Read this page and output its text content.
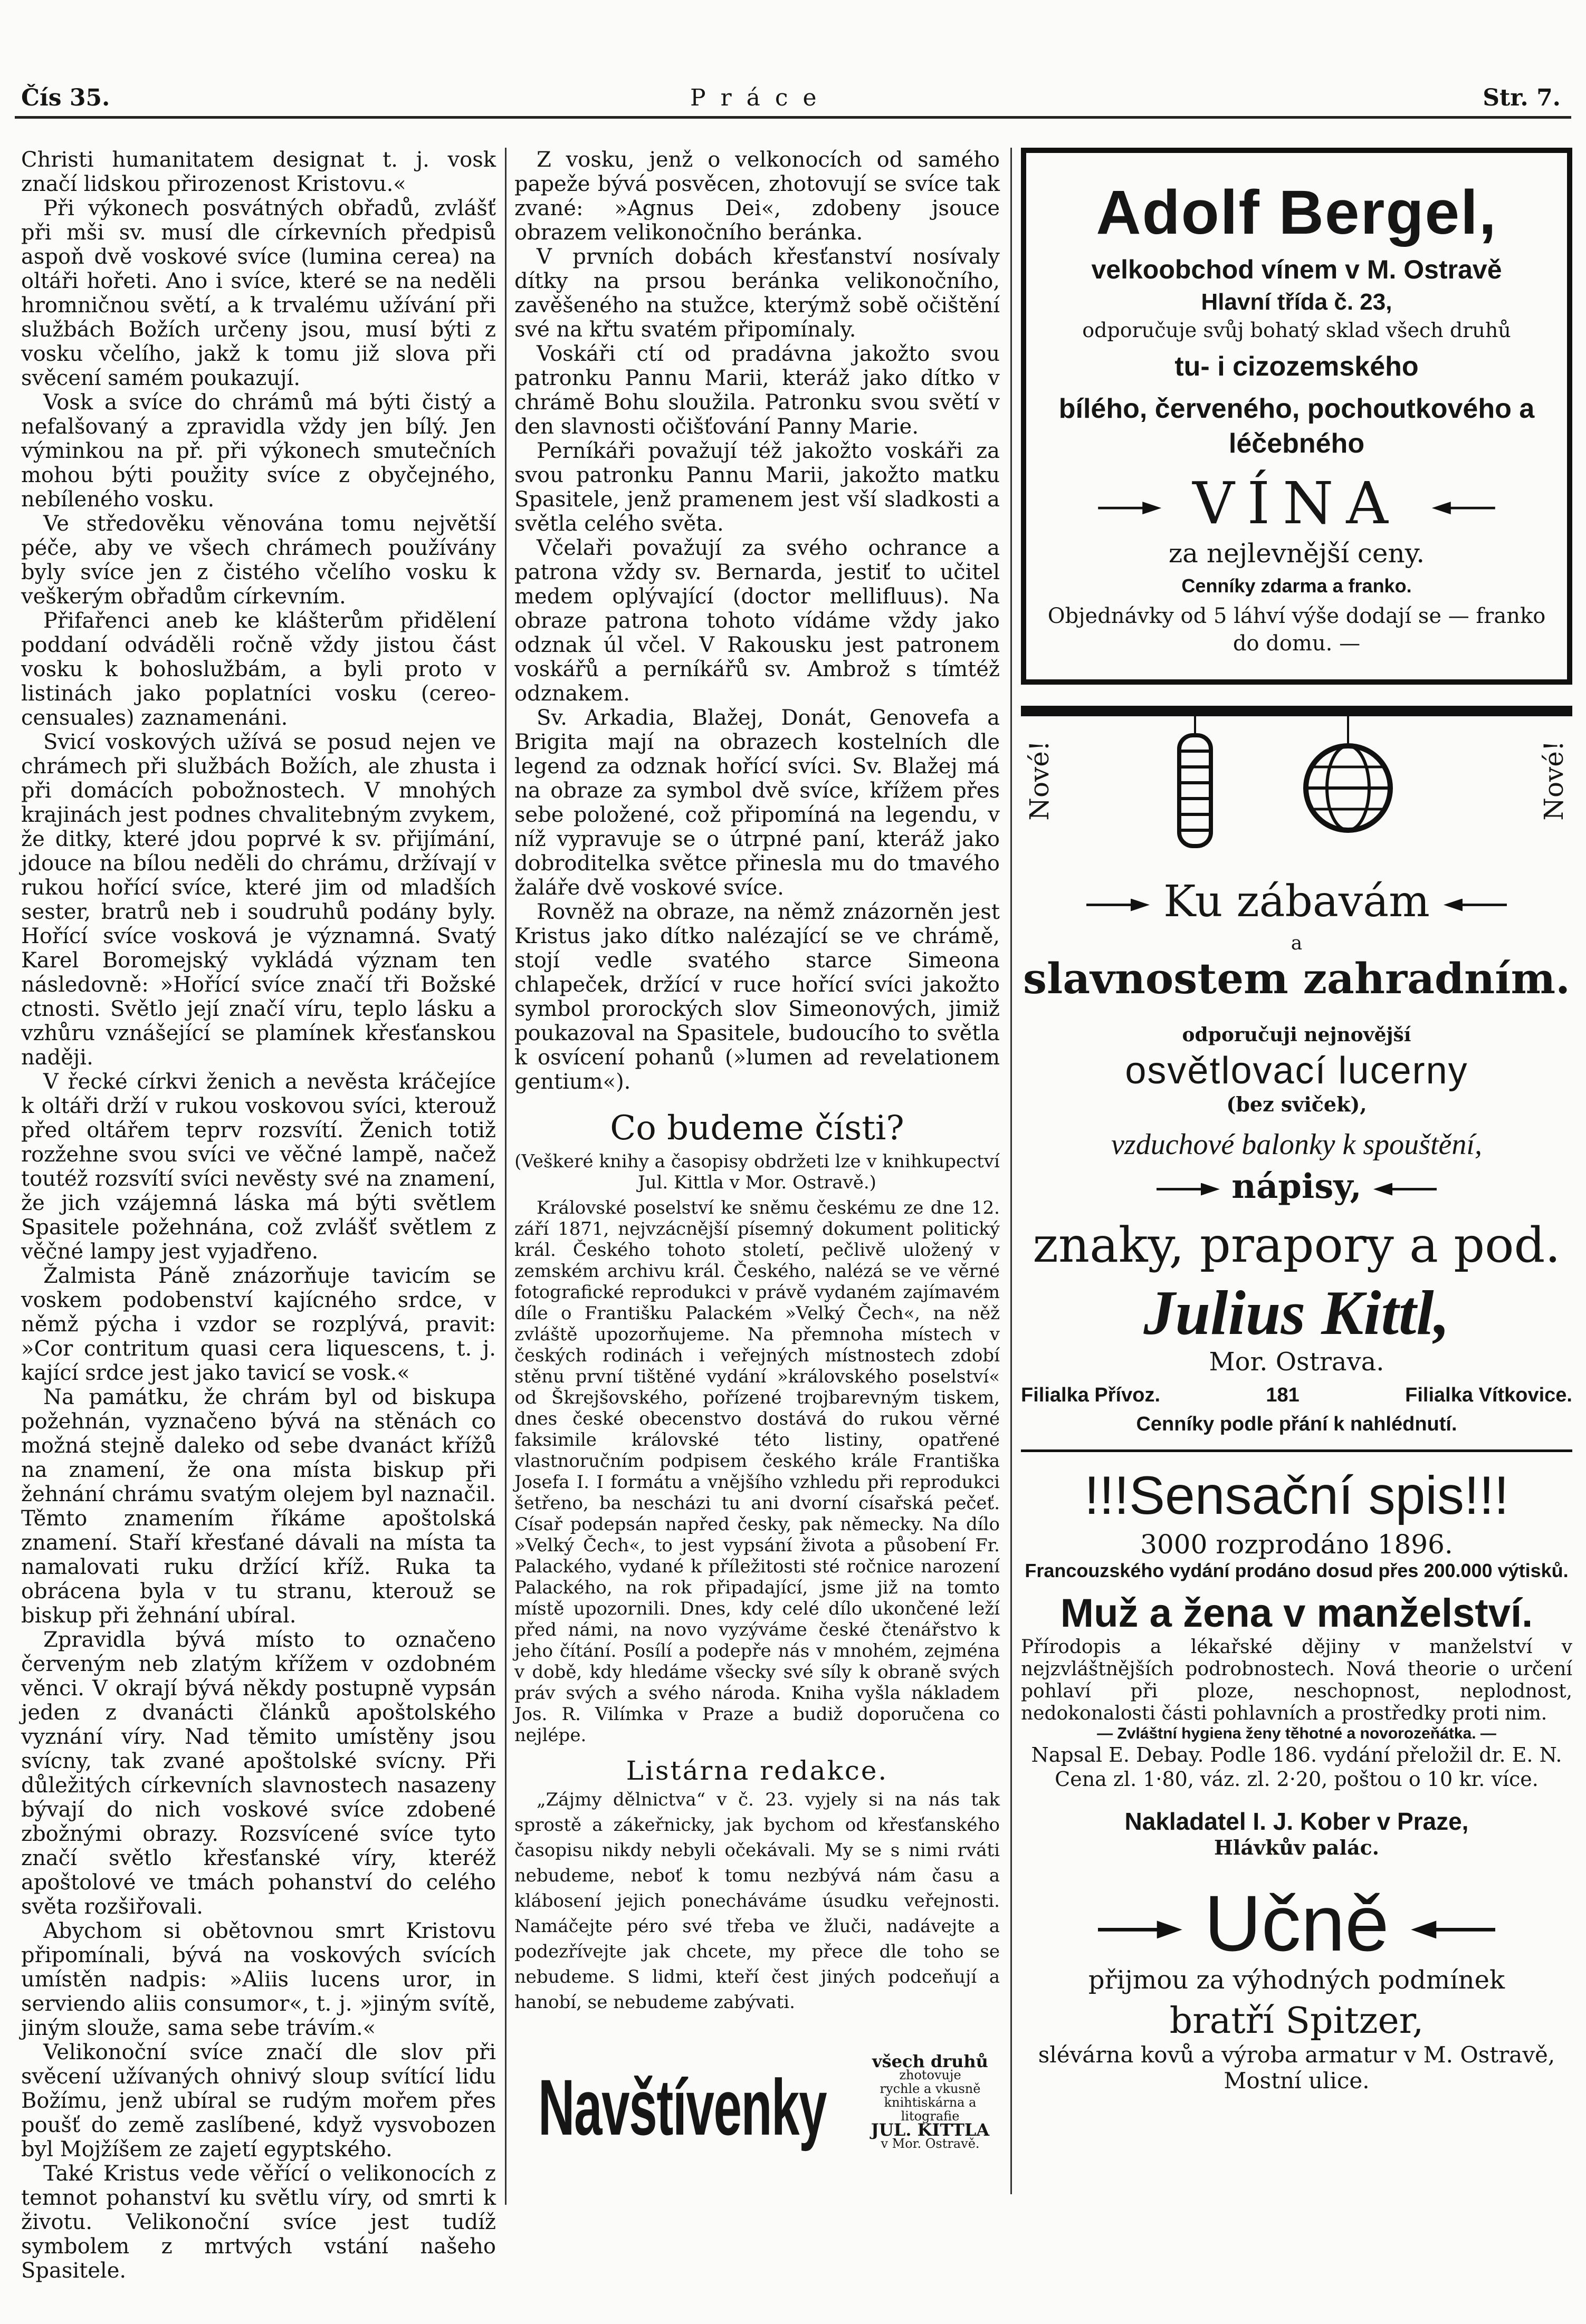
Čís 35.	Práce	Str. 7.

Christi humanitatem designat t. j. vosk značí lidskou přirozenost Kristovu.«

Při výkonech posvátných obřadů, zvlášť při mši sv. musí dle církevních předpisů aspoň dvě voskové svíce (lumina cerea) na oltáři hořeti. Ano i svíce, které se na neděli hromničnou světí, a k trvalému užívání při službách Božích určeny jsou, musí býti z vosku včelího, jakž k tomu již slova při svěcení samém poukazují.

Vosk a svíce do chrámů má býti čistý a nefalšovaný a zpravidla vždy jen bílý. Jen výminkou na př. při výkonech smutečních mohou býti použity svíce z obyčejného, nebíleného vosku.

Ve středověku věnována tomu největší péče, aby ve všech chrámech používány byly svíce jen z čistého včelího vosku k veškerým obřadům církevním.

Přifařenci aneb ke klášterům přidělení poddaní odváděli ročně vždy jistou část vosku k bohoslužbám, a byli proto v listinách jako poplatníci vosku (cereo-censuales) zaznamenáni.

Svicí voskových užívá se posud nejen ve chrámech při službách Božích, ale zhusta i při domácích pobožnostech. V mnohých krajinách jest podnes chvalitebným zvykem, že ditky, které jdou poprvé k sv. přijímání, jdouce na bílou neděli do chrámu, držívají v rukou hořící svíce, které jim od mladších sester, bratrů neb i soudruhů podány byly. Hořící svíce vosková je významná. Svatý Karel Boromejský vykládá význam ten následovně: »Hořící svíce značí tři Božské ctnosti. Světlo její značí víru, teplo lásku a vzhůru vznášející se plamínek křesťanskou naději.

V řecké církvi ženich a nevěsta kráčejíce k oltáři drží v rukou voskovou svíci, kterouž před oltářem teprv rozsvítí. Ženich totiž rozžehne svou svíci ve věčné lampě, načež toutéž rozsvítí svíci nevěsty své na znamení, že jich vzájemná láska má býti světlem Spasitele požehnána, což zvlášť světlem z věčné lampy jest vyjadřeno.

Žalmista Páně znázorňuje tavicím se voskem podobenství kajícného srdce, v němž pýcha i vzdor se rozplývá, pravit: »Cor contritum quasi cera liquescens, t. j. kající srdce jest jako tavicí se vosk.«

Na památku, že chrám byl od biskupa požehnán, vyznačeno bývá na stěnách co možná stejně daleko od sebe dvanáct křížů na znamení, že ona místa biskup při žehnání chrámu svatým olejem byl naznačil. Těmto znamením říkáme apoštolská znamení. Staří křesťané dávali na místa ta namalovati ruku držící kříž. Ruka ta obrácena byla v tu stranu, kterouž se biskup při žehnání ubíral.

Zpravidla bývá místo to označeno červeným neb zlatým křížem v ozdobném věnci. V okrají bývá někdy postupně vypsán jeden z dvanácti článků apoštolského vyznání víry. Nad těmito umístěny jsou svícny, tak zvané apoštolské svícny. Při důležitých církevních slavnostech nasazeny bývají do nich voskové svíce zdobené zbožnými obrazy. Rozsvícené svíce tyto značí světlo křesťanské víry, kteréž apoštolové ve tmách pohanství do celého světa rozšiřovali.

Abychom si obětovnou smrt Kristovu připomínali, bývá na voskových svících umístěn nadpis: »Aliis lucens uror, in serviendo aliis consumor«, t. j. »jiným svítě, jiným slouže, sama sebe trávím.«

Velikonoční svíce značí dle slov při svěcení užívaných ohnivý sloup svítící lidu Božímu, jenž ubíral se rudým mořem přes poušť do země zaslíbené, když vysvobozen byl Mojžíšem ze zajetí egyptského.

Také Kristus vede věřící o velikonocích z temnot pohanství ku světlu víry, od smrti k životu. Velikonoční svíce jest tudíž symbolem z mrtvých vstání našeho Spasitele.

Z vosku, jenž o velkonocích od samého papeže bývá posvěcen, zhotovují se svíce tak zvané: »Agnus Dei«, zdobeny jsouce obrazem velikonočního beránka.

V prvních dobách křesťanství nosívaly dítky na prsou beránka velikonočního, zavěšeného na stužce, kterýmž sobě očištění své na křtu svatém připomínaly.

Voskáři ctí od pradávna jakožto svou patronku Pannu Marii, kteráž jako dítko v chrámě Bohu sloužila. Patronku svou světí v den slavnosti očišťování Panny Marie.

Perníkáři považují též jakožto voskáři za svou patronku Pannu Marii, jakožto matku Spasitele, jenž pramenem jest vší sladkosti a světla celého světa.

Včelaři považují za svého ochrance a patrona vždy sv. Bernarda, jestiť to učitel medem oplývající (doctor mellifluus). Na obraze patrona tohoto vídáme vždy jako odznak úl včel. V Rakousku jest patronem voskářů a perníkářů sv. Ambrož s tímtéž odznakem.

Sv. Arkadia, Blažej, Donát, Genovefa a Brigita mají na obrazech kostelních dle legend za odznak hořící svíci. Sv. Blažej má na obraze za symbol dvě svíce, křížem přes sebe položené, což připomíná na legendu, v níž vypravuje se o útrpné paní, kteráž jako dobroditelka světce přinesla mu do tmavého žaláře dvě voskové svíce.

Rovněž na obraze, na němž znázorněn jest Kristus jako dítko nalézající se ve chrámě, stojí vedle svatého starce Simeona chlapeček, držící v ruce hořící svíci jakožto symbol prorockých slov Simeonových, jimiž poukazoval na Spasitele, budoucího to světla k osvícení pohanů (»lumen ad revelationem gentium«).

Co budeme čísti?

(Veškeré knihy a časopisy obdržeti lze v knihkupectví Jul. Kittla v Mor. Ostravě.)

Královské poselství ke sněmu českému ze dne 12. září 1871, nejvzácnější písemný dokument politický král. Českého tohoto století, pečlivě uložený v zemském archivu král. Českého, nalézá se ve věrné fotografické reprodukci v právě vydaném zajímavém díle o Františku Palackém »Velký Čech«, na něž zvláště upozorňujeme. Na přemnoha místech v českých rodinách i veřejných místnostech zdobí stěnu první tištěné vydání »královského poselství« od Škrejšovského, pořízené trojbarevným tiskem, dnes české obecenstvo dostává do rukou věrné faksimile královské této listiny, opatřené vlastnoručním podpisem českého krále Františka Josefa I. I formátu a vnějšího vzhledu při reprodukci šetřeno, ba nescházi tu ani dvorní císařská pečeť. Císař podepsán napřed česky, pak německy. Na dílo »Velký Čech«, to jest vypsání života a působení Fr. Palackého, vydané k příležitosti sté ročnice narození Palackého, na rok připadající, jsme již na tomto místě upozornili. Dnes, kdy celé dílo ukončené leží před námi, na novo vyzýváme české čtenářstvo k jeho čítání. Posílí a podepře nás v mnohém, zejména v době, kdy hledáme všecky své síly k obraně svých práv svých a svého národa. Kniha vyšla nákladem Jos. R. Vilímka v Praze a budiž doporučena co nejlépe.

Listárna redakce.

„Zájmy dělnictva“ v č. 23. vyjely si na nás tak sprostě a zákeřnicky, jak bychom od křesťanského časopisu nikdy nebyli očekávali. My se s nimi rváti nebudeme, neboť k tomu nezbývá nám času a klábosení jejich ponecháváme úsudku veřejnosti. Namáčejte péro své třeba ve žluči, nadávejte a podezřívejte jak chcete, my přece dle toho se nebudeme. S lidmi, kteří čest jiných podceňují a hanobí, se nebudeme zabývati.

Navštívenky
všech druhů
zhotovuje
rychle a vkusně
knihtiskárna a litografie
JUL. KITTLA
v Mor. Ostravě.
Adolf Bergel,
velkoobchod vínem v M. Ostravě
Hlavní třída č. 23,
odporučuje svůj bohatý sklad všech druhů
tu- i cizozemského
bílého, červeného, pochoutkového a léčebného
VÍNA
za nejlevnější ceny.
Cenníky zdarma a franko.
Objednávky od 5 láhví výše dodají se — franko do domu. —
Nové!	Nové!
Ku zábavám
a
slavnostem zahradním.
odporučuji nejnovější
osvětlovací lucerny
(bez sviček),
vzduchové balonky k spouštění,
nápisy,
znaky, prapory a pod.
Julius Kittl,
Mor. Ostrava.
Filialka Přívoz.	181	Filialka Vítkovice.
Cenníky podle přání k nahlédnutí.
!!!Sensační spis!!!
3000 rozprodáno 1896.
Francouzského vydání prodáno dosud přes 200.000 výtisků.
Muž a žena v manželství.
Přírodopis a lékařské dějiny v manželství v nejzvláštnějších podrobnostech. Nová theorie o určení pohlaví při ploze, neschopnost, neplodnost, nedokonalosti části pohlavních a prostředky proti nim.
— Zvláštní hygiena ženy těhotné a novorozeňátka. —
Napsal E. Debay. Podle 186. vydání přeložil dr. E. N.
Cena zl. 1·80, váz. zl. 2·20, poštou o 10 kr. více.
Nakladatel I. J. Kober v Praze,
Hlávkův palác.
Učně
přijmou za výhodných podmínek
bratří Spitzer,
slévárna kovů a výroba armatur v M. Ostravě,
Mostní ulice.
